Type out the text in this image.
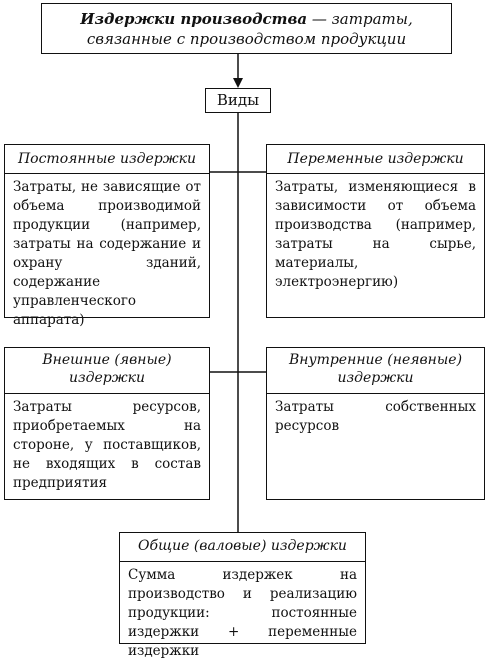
Издержки производства — затраты,
связанные с производством продукции
Виды
Постоянные издержки
Затраты, не зависящие от объема производимой продукции (например, затраты на содержание и охрану зданий, содержание управленческого аппарата)
Переменные издержки
Затраты, изменяющиеся в зависимости от объема производства (например, затраты на сырье, материалы, электроэнергию)
Внешние (явные) издержки
Затраты ресурсов, приобретаемых на стороне, у поставщиков, не входящих в состав предприятия
Внутренние (неявные) издержки
Затраты собственных ресурсов
Общие (валовые) издержки
Сумма издержек на производство и реализацию продукции: постоянные издержки + переменные издержки
